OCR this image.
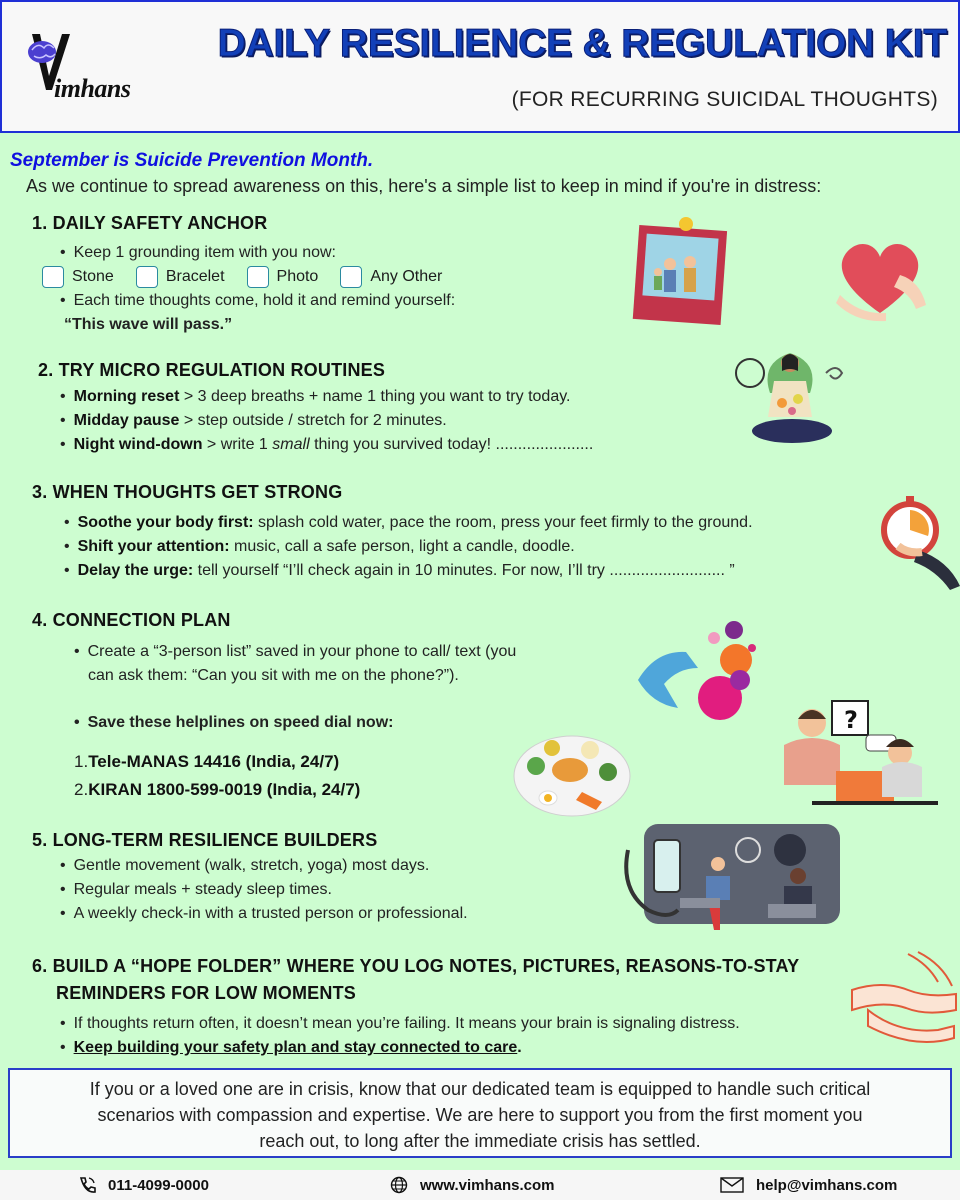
imhans
DAILY RESILIENCE & REGULATION KIT
(FOR RECURRING SUICIDAL THOUGHTS)
September is Suicide Prevention Month.
As we continue to spread awareness on this, here's a simple list to keep in mind if you're in distress:
1. DAILY SAFETY ANCHOR
• Keep 1 grounding item with you now:
Stone	Bracelet	Photo	Any Other
• Each time thoughts come, hold it and remind yourself:
“This wave will pass.”
2. TRY MICRO REGULATION ROUTINES
• Morning reset > 3 deep breaths + name 1 thing you want to try today.
• Midday pause > step outside / stretch for 2 minutes.
• Night wind-down > write 1 small thing you survived today! ......................
3. WHEN THOUGHTS GET STRONG
• Soothe your body first: splash cold water, pace the room, press your feet firmly to the ground.
• Shift your attention: music, call a safe person, light a candle, doodle.
• Delay the urge: tell yourself “I’ll check again in 10 minutes. For now, I’ll try .......................... ”
4. CONNECTION PLAN
• Create a “3-person list” saved in your phone to call/ text (you
can ask them: “Can you sit with me on the phone?”).
• Save these helplines on speed dial now:
1.Tele-MANAS 14416 (India, 24/7)
2.KIRAN 1800-599-0019 (India, 24/7)
5. LONG-TERM RESILIENCE BUILDERS
• Gentle movement (walk, stretch, yoga) most days.
• Regular meals + steady sleep times.
• A weekly check-in with a trusted person or professional.
6. BUILD A “HOPE FOLDER” WHERE YOU LOG NOTES, PICTURES, REASONS-TO-STAY
REMINDERS FOR LOW MOMENTS
• If thoughts return often, it doesn’t mean you’re failing. It means your brain is signaling distress.
• Keep building your safety plan and stay connected to care.
?
If you or a loved one are in crisis, know that our dedicated team is equipped to handle such critical
scenarios with compassion and expertise. We are here to support you from the first moment you
reach out, to long after the immediate crisis has settled.
011-4099-0000	www.vimhans.com	help@vimhans.com
